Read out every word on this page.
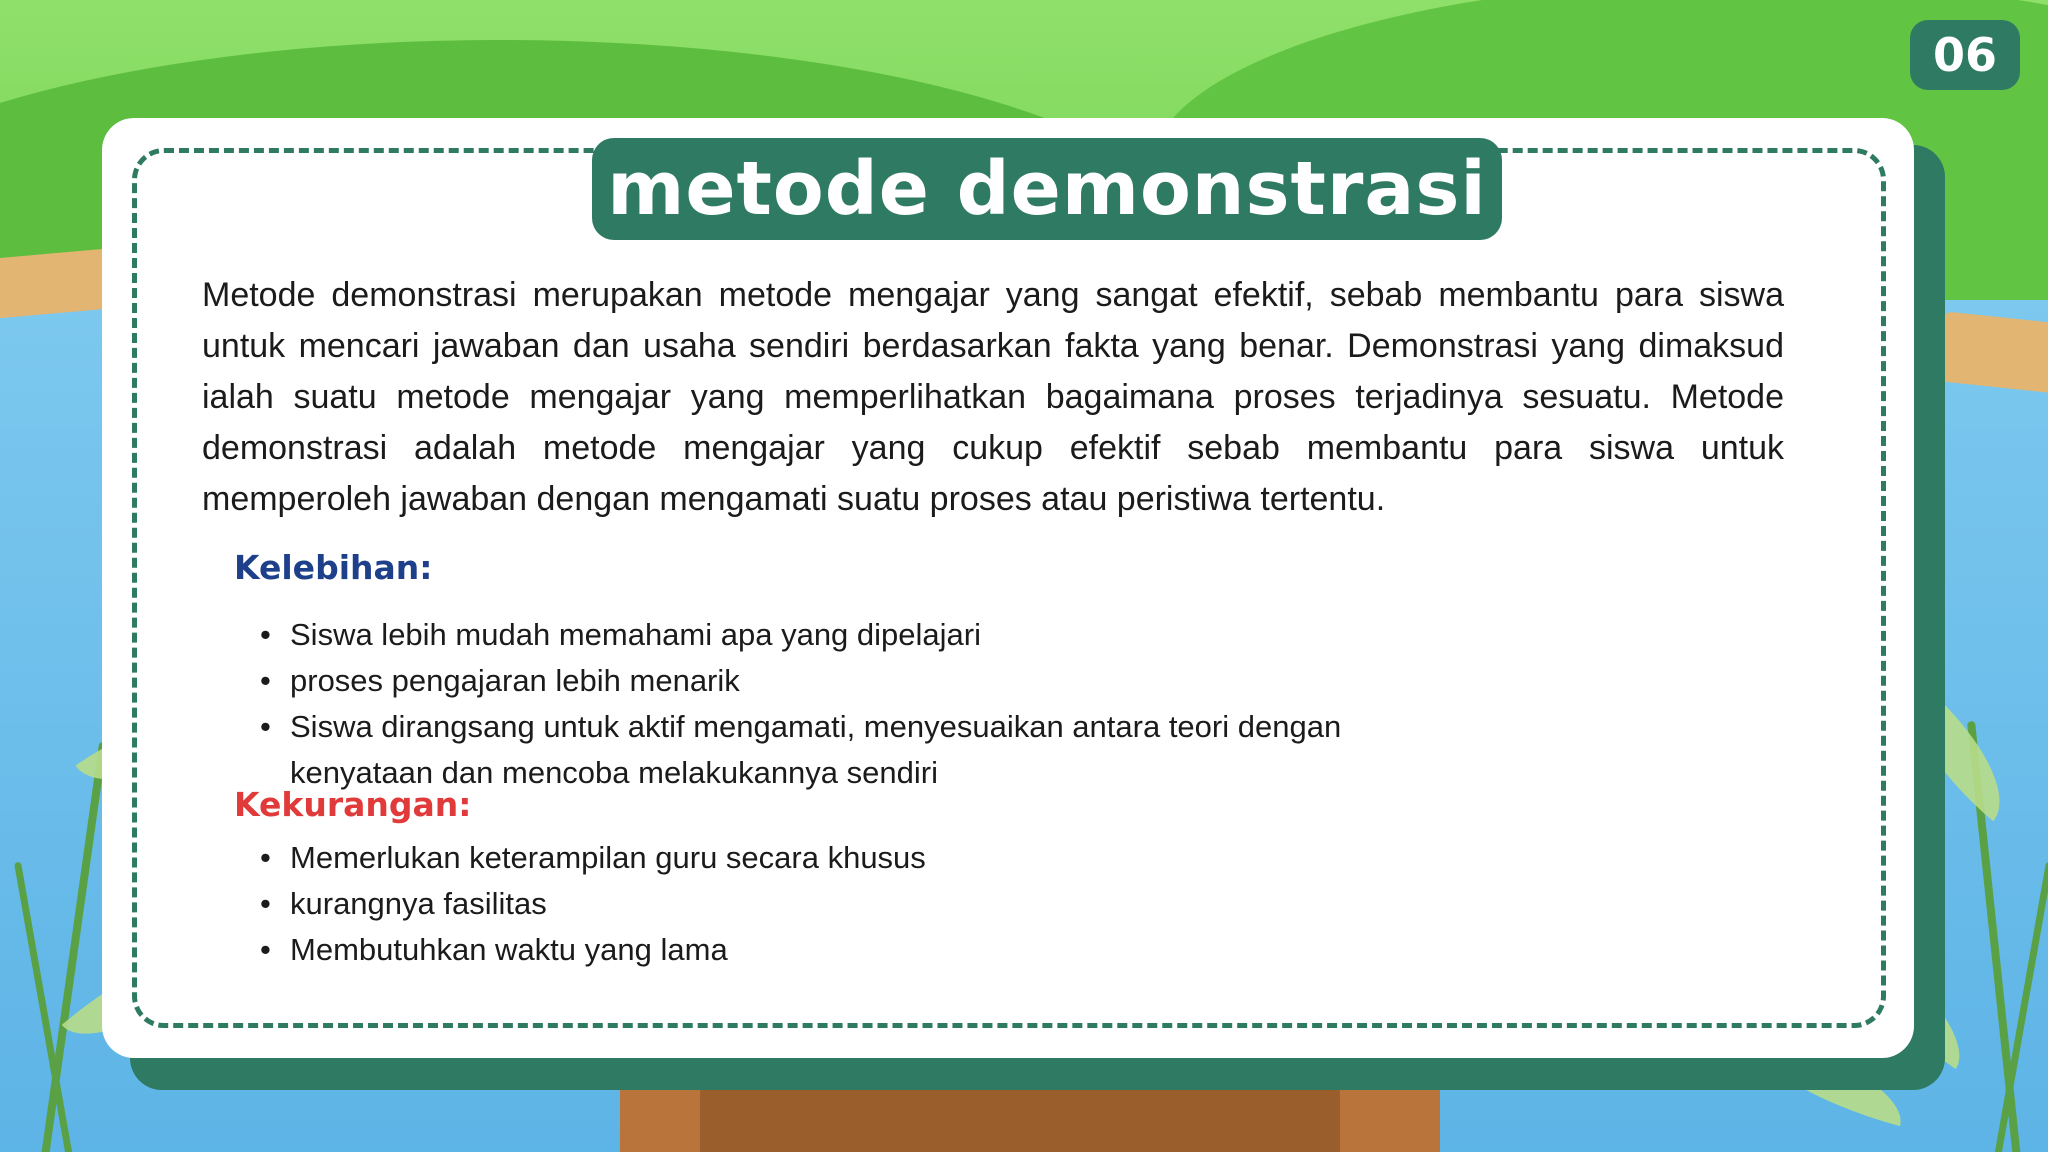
06
metode demonstrasi

Metode demonstrasi merupakan metode mengajar yang sangat efektif, sebab membantu para siswa untuk mencari jawaban dan usaha sendiri berdasarkan fakta yang benar. Demonstrasi yang dimaksud ialah suatu metode mengajar yang memperlihatkan bagaimana proses terjadinya sesuatu. Metode demonstrasi adalah metode mengajar yang cukup efektif sebab membantu para siswa untuk memperoleh jawaban dengan mengamati suatu proses atau peristiwa tertentu.

Kelebihan:
• Siswa lebih mudah memahami apa yang dipelajari
• proses pengajaran lebih menarik
• Siswa dirangsang untuk aktif mengamati, menyesuaikan antara teori dengan kenyataan dan mencoba melakukannya sendiri
Kekurangan:
• Memerlukan keterampilan guru secara khusus
• kurangnya fasilitas
• Membutuhkan waktu yang lama
